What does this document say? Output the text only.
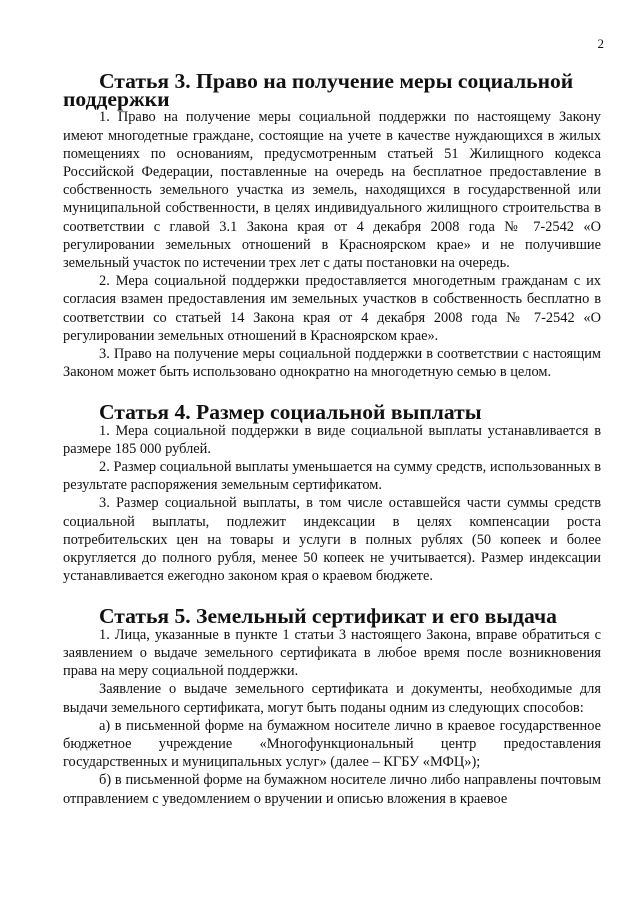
2
Статья 3. Право на получение меры социальной поддержки

1. Право на получение меры социальной поддержки по настоящему Закону имеют многодетные граждане, состоящие на учете в качестве нуждающихся в жилых помещениях по основаниям, предусмотренным статьей 51 Жилищного кодекса Российской Федерации, поставленные на очередь на бесплатное предоставление в собственность земельного участка из земель, находящихся в государственной или муниципальной собственности, в целях индивидуального жилищного строительства в соответствии с главой 3.1 Закона края от 4 декабря 2008 года № 7-2542 «О регулировании земельных отношений в Красноярском крае» и не получившие земельный участок по истечении трех лет с даты постановки на очередь.

2. Мера социальной поддержки предоставляется многодетным гражданам с их согласия взамен предоставления им земельных участков в собственность бесплатно в соответствии со статьей 14 Закона края от 4 декабря 2008 года № 7-2542 «О регулировании земельных отношений в Красноярском крае».

3. Право на получение меры социальной поддержки в соответствии с настоящим Законом может быть использовано однократно на многодетную семью в целом.

Статья 4. Размер социальной выплаты

1. Мера социальной поддержки в виде социальной выплаты устанавливается в размере 185 000 рублей.

2. Размер социальной выплаты уменьшается на сумму средств, использованных в результате распоряжения земельным сертификатом.

3. Размер социальной выплаты, в том числе оставшейся части суммы средств социальной выплаты, подлежит индексации в целях компенсации роста потребительских цен на товары и услуги в полных рублях (50 копеек и более округляется до полного рубля, менее 50 копеек не учитывается). Размер индексации устанавливается ежегодно законом края о краевом бюджете.

Статья 5. Земельный сертификат и его выдача

1. Лица, указанные в пункте 1 статьи 3 настоящего Закона, вправе обратиться с заявлением о выдаче земельного сертификата в любое время после возникновения права на меру социальной поддержки.

Заявление о выдаче земельного сертификата и документы, необходимые для выдачи земельного сертификата, могут быть поданы одним из следующих способов:

а) в письменной форме на бумажном носителе лично в краевое государственное бюджетное учреждение «Многофункциональный центр предоставления государственных и муниципальных услуг» (далее – КГБУ «МФЦ»);

б) в письменной форме на бумажном носителе лично либо направлены почтовым отправлением с уведомлением о вручении и описью вложения в краевое
